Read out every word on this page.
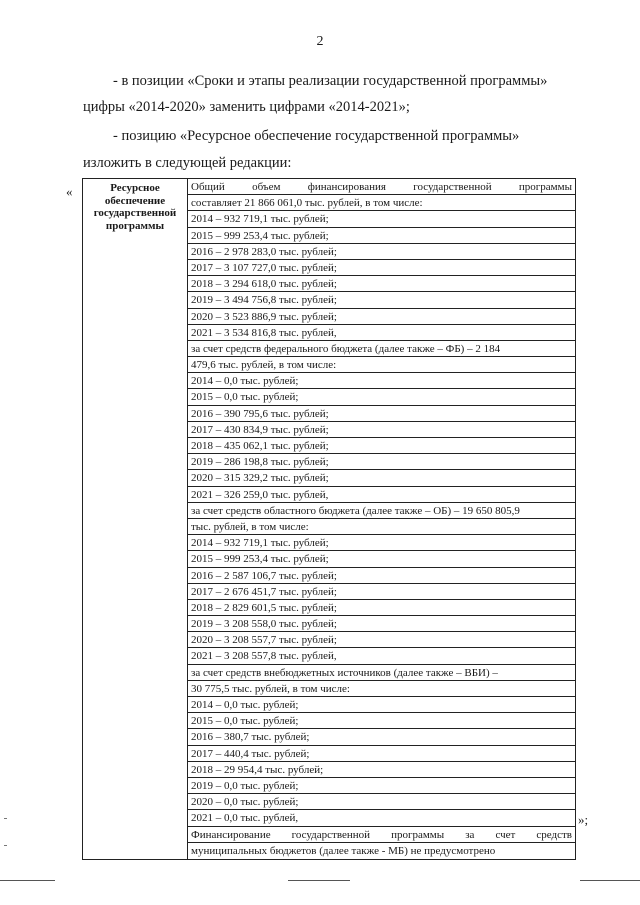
2
- в позиции «Сроки и этапы реализации государственной программы»
цифры «2014-2020» заменить цифрами «2014-2021»;
- позицию «Ресурсное обеспечение государственной программы»
изложить в следующей редакции:
«	Ресурсное
обеспечение
государственной
программы

Общий объем финансирования государственной программы
составляет 21 866 061,0 тыс. рублей, в том числе:
2014 – 932 719,1 тыс. рублей;
2015 – 999 253,4 тыс. рублей;
2016 – 2 978 283,0 тыс. рублей;
2017 – 3 107 727,0 тыс. рублей;
2018 – 3 294 618,0 тыс. рублей;
2019 – 3 494 756,8 тыс. рублей;
2020 – 3 523 886,9 тыс. рублей;
2021 – 3 534 816,8 тыс. рублей,
за счет средств федерального бюджета (далее также – ФБ) – 2 184
479,6 тыс. рублей, в том числе:
2014 – 0,0 тыс. рублей;
2015 – 0,0 тыс. рублей;
2016 – 390 795,6 тыс. рублей;
2017 – 430 834,9 тыс. рублей;
2018 – 435 062,1 тыс. рублей;
2019 – 286 198,8 тыс. рублей;
2020 – 315 329,2 тыс. рублей;
2021 – 326 259,0 тыс. рублей,
за счет средств областного бюджета (далее также – ОБ) – 19 650 805,9
тыс. рублей, в том числе:
2014 – 932 719,1 тыс. рублей;
2015 – 999 253,4 тыс. рублей;
2016 – 2 587 106,7 тыс. рублей;
2017 – 2 676 451,7 тыс. рублей;
2018 – 2 829 601,5 тыс. рублей;
2019 – 3 208 558,0 тыс. рублей;
2020 – 3 208 557,7 тыс. рублей;
2021 – 3 208 557,8 тыс. рублей,
за счет средств внебюджетных источников (далее также – ВБИ) –
30 775,5 тыс. рублей, в том числе:
2014 – 0,0 тыс. рублей;
2015 – 0,0 тыс. рублей;
2016 – 380,7 тыс. рублей;
2017 – 440,4 тыс. рублей;
2018 – 29 954,4 тыс. рублей;
2019 – 0,0 тыс. рублей;
2020 – 0,0 тыс. рублей;
2021 – 0,0 тыс. рублей,
Финансирование государственной программы за счет средств
муниципальных бюджетов (далее также - МБ) не предусмотрено
»;
